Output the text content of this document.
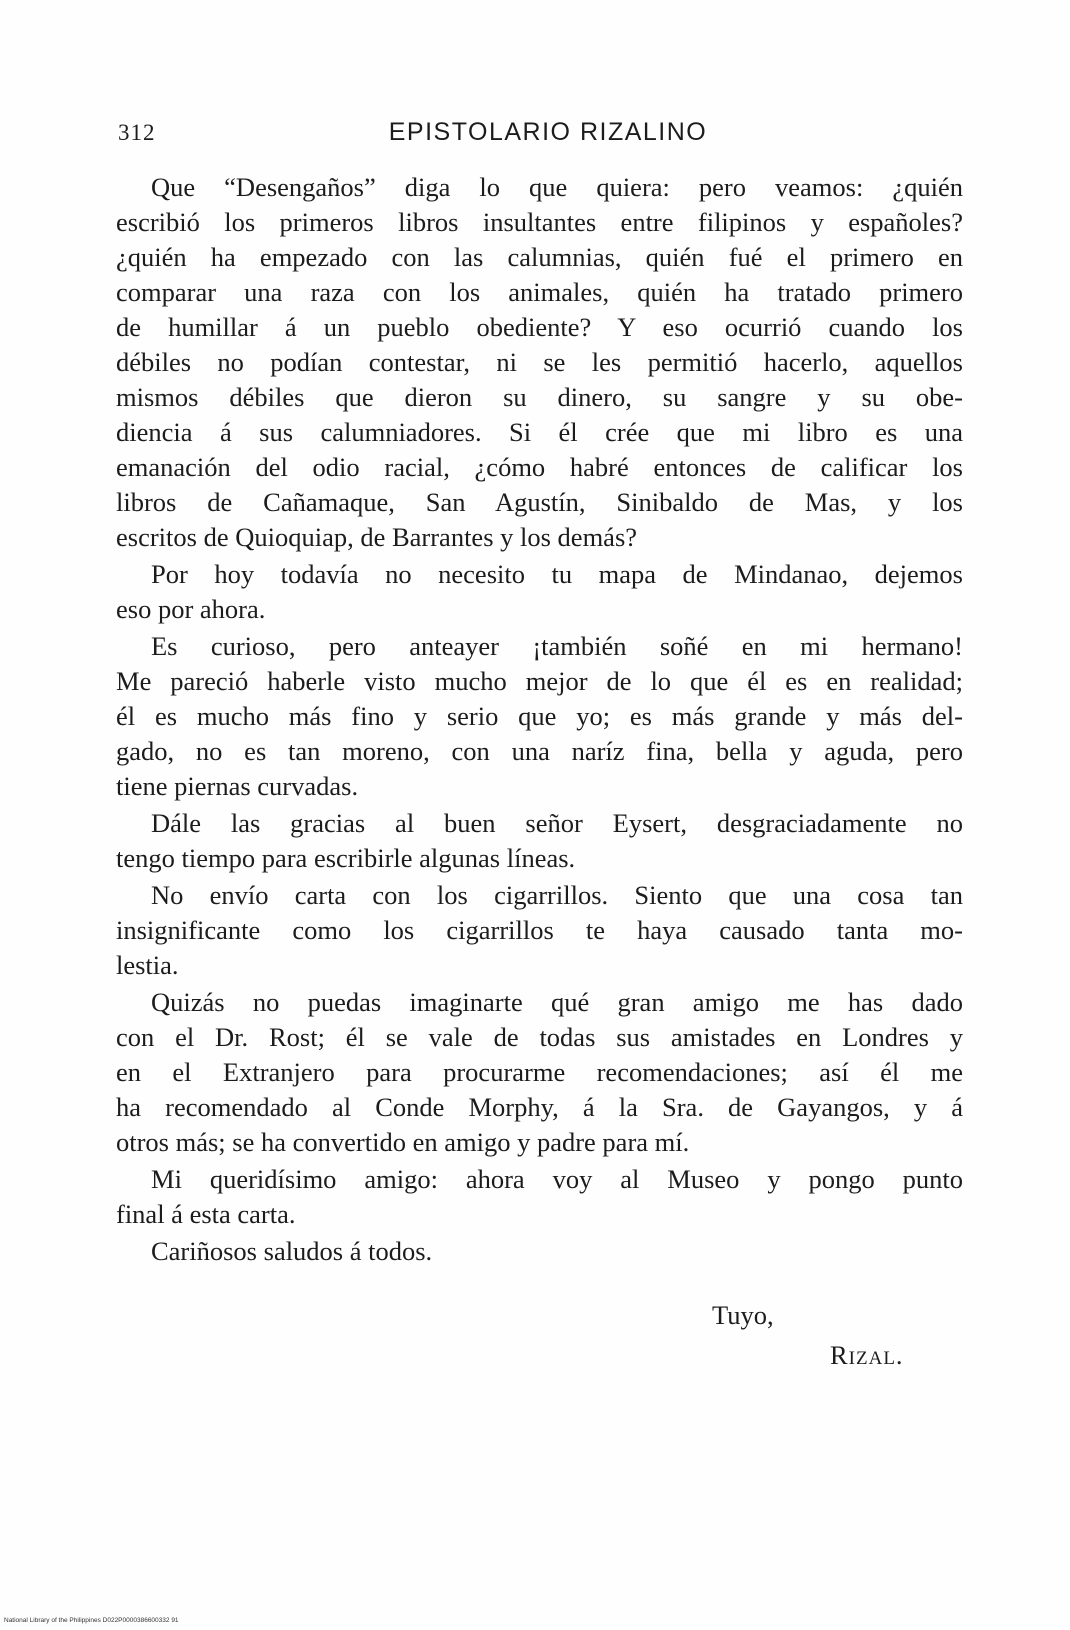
312	EPISTOLARIO RIZALINO
Que “Desengaños” diga lo que quiera: pero veamos: ¿quién
escribió los primeros libros insultantes entre filipinos y españoles?
¿quién ha empezado con las calumnias, quién fué el primero en
comparar una raza con los animales, quién ha tratado primero
de humillar á un pueblo obediente? Y eso ocurrió cuando los
débiles no podían contestar, ni se les permitió hacerlo, aquellos
mismos débiles que dieron su dinero, su sangre y su obe-
diencia á sus calumniadores. Si él crée que mi libro es una
emanación del odio racial, ¿cómo habré entonces de calificar los
libros de Cañamaque, San Agustín, Sinibaldo de Mas, y los
escritos de Quioquiap, de Barrantes y los demás?
Por hoy todavía no necesito tu mapa de Mindanao, dejemos
eso por ahora.
Es curioso, pero anteayer ¡también soñé en mi hermano!
Me pareció haberle visto mucho mejor de lo que él es en realidad;
él es mucho más fino y serio que yo; es más grande y más del-
gado, no es tan moreno, con una naríz fina, bella y aguda, pero
tiene piernas curvadas.
Dále las gracias al buen señor Eysert, desgraciadamente no
tengo tiempo para escribirle algunas líneas.
No envío carta con los cigarrillos. Siento que una cosa tan
insignificante como los cigarrillos te haya causado tanta mo-
lestia.
Quizás no puedas imaginarte qué gran amigo me has dado
con el Dr. Rost; él se vale de todas sus amistades en Londres y
en el Extranjero para procurarme recomendaciones; así él me
ha recomendado al Conde Morphy, á la Sra. de Gayangos, y á
otros más; se ha convertido en amigo y padre para mí.
Mi queridísimo amigo: ahora voy al Museo y pongo punto
final á esta carta.
Cariñosos saludos á todos.
Tuyo,
Rizal.
National Library of the Philippines D022P0000386600332 91
